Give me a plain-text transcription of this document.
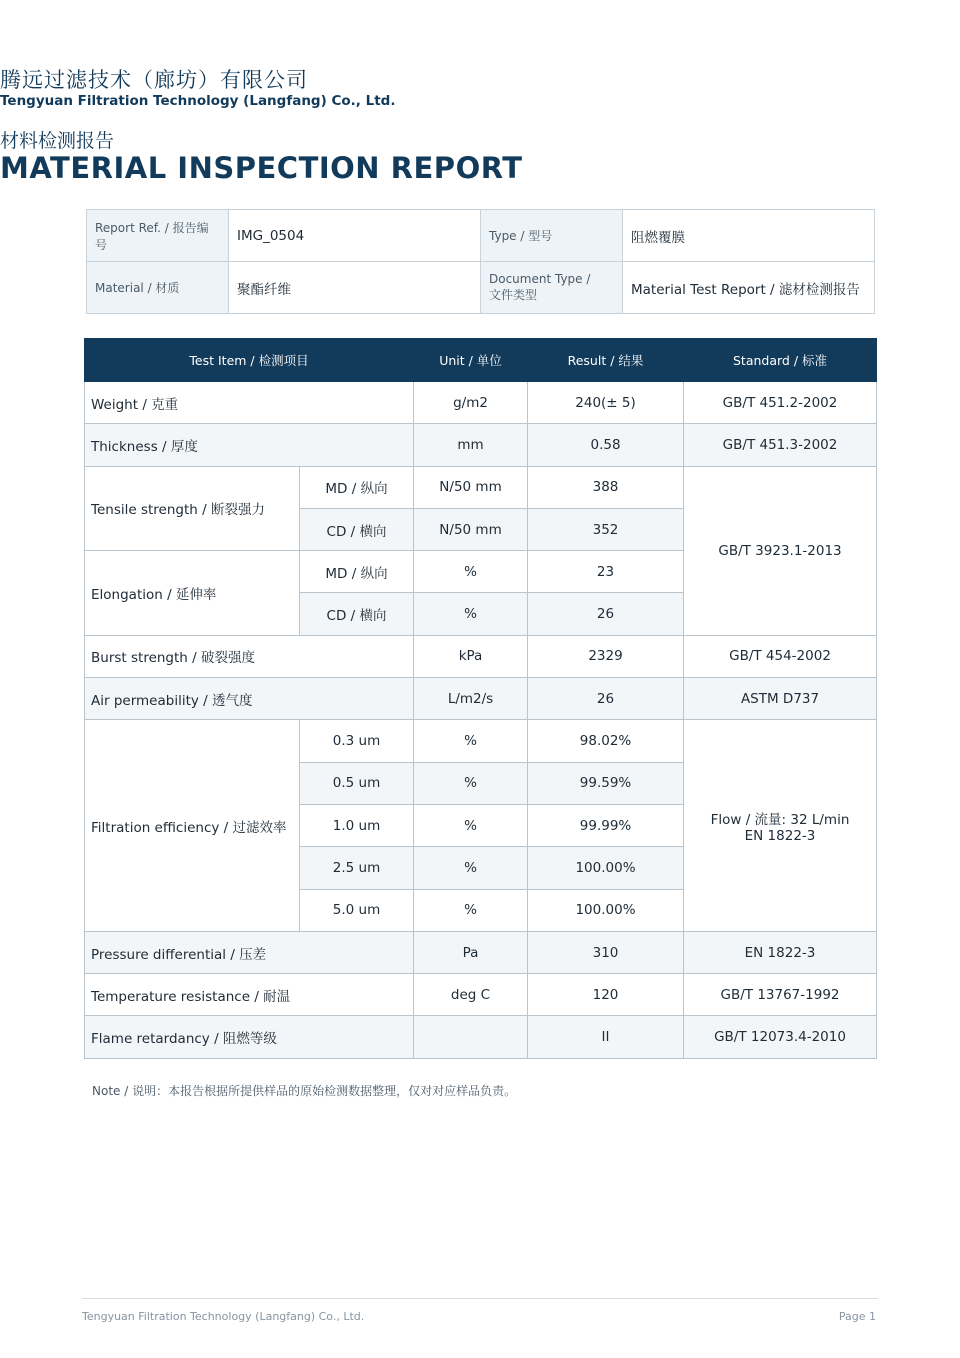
腾远过滤技术（廊坊）有限公司
Tengyuan Filtration Technology (Langfang) Co., Ltd.
材料检测报告
MATERIAL INSPECTION REPORT
Report Ref. / 报告编号	IMG_0504	Type / 型号	阻燃覆膜
Material / 材质	聚酯纤维	Document Type /
文件类型	Material Test Report / 滤材检测报告
Test Item / 检测项目		Unit / 单位	Result / 结果	Standard / 标准
Weight / 克重		g/m2	240(± 5)	GB/T 451.2-2002
Thickness / 厚度		mm	0.58	GB/T 451.3-2002
Tensile strength / 断裂强力	MD / 纵向	N/50 mm	388	GB/T 3923.1-2013
	CD / 横向	N/50 mm	352	
Elongation / 延伸率	MD / 纵向	%	23	
	CD / 横向	%	26	
Burst strength / 破裂强度		kPa	2329	GB/T 454-2002
Air permeability / 透气度		L/m2/s	26	ASTM D737
Filtration efficiency / 过滤效率	0.3 um	%	98.02%	Flow / 流量: 32 L/min
EN 1822-3
	0.5 um	%	99.59%	
	1.0 um	%	99.99%	
	2.5 um	%	100.00%	
	5.0 um	%	100.00%	
Pressure differential / 压差		Pa	310	EN 1822-3
Temperature resistance / 耐温		deg C	120	GB/T 13767-1992
Flame retardancy / 阻燃等级			II	GB/T 12073.4-2010
Note / 说明：本报告根据所提供样品的原始检测数据整理，仅对对应样品负责。
Tengyuan Filtration Technology (Langfang) Co., Ltd.	Page 1
